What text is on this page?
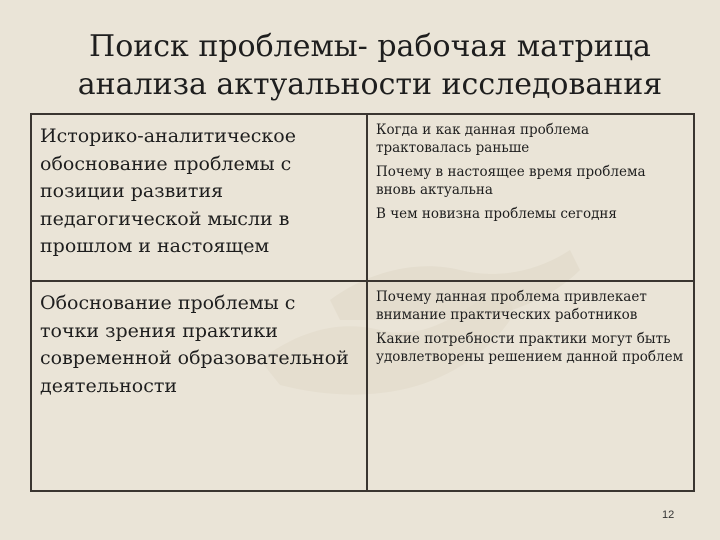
Поиск проблемы- рабочая матрица
анализа актуальности исследования
Историко-аналитическое обоснование проблемы с позиции развития педагогической мысли в прошлом и настоящем	Когда и как данная проблема трактовалась раньше

Почему в настоящее время проблема вновь актуальна

В чем новизна проблемы сегодня

Обоснование проблемы с точки зрения практики современной образовательной деятельности	Почему данная проблема привлекает внимание практических работников

Какие потребности практики могут быть удовлетворены решением данной проблем

12
